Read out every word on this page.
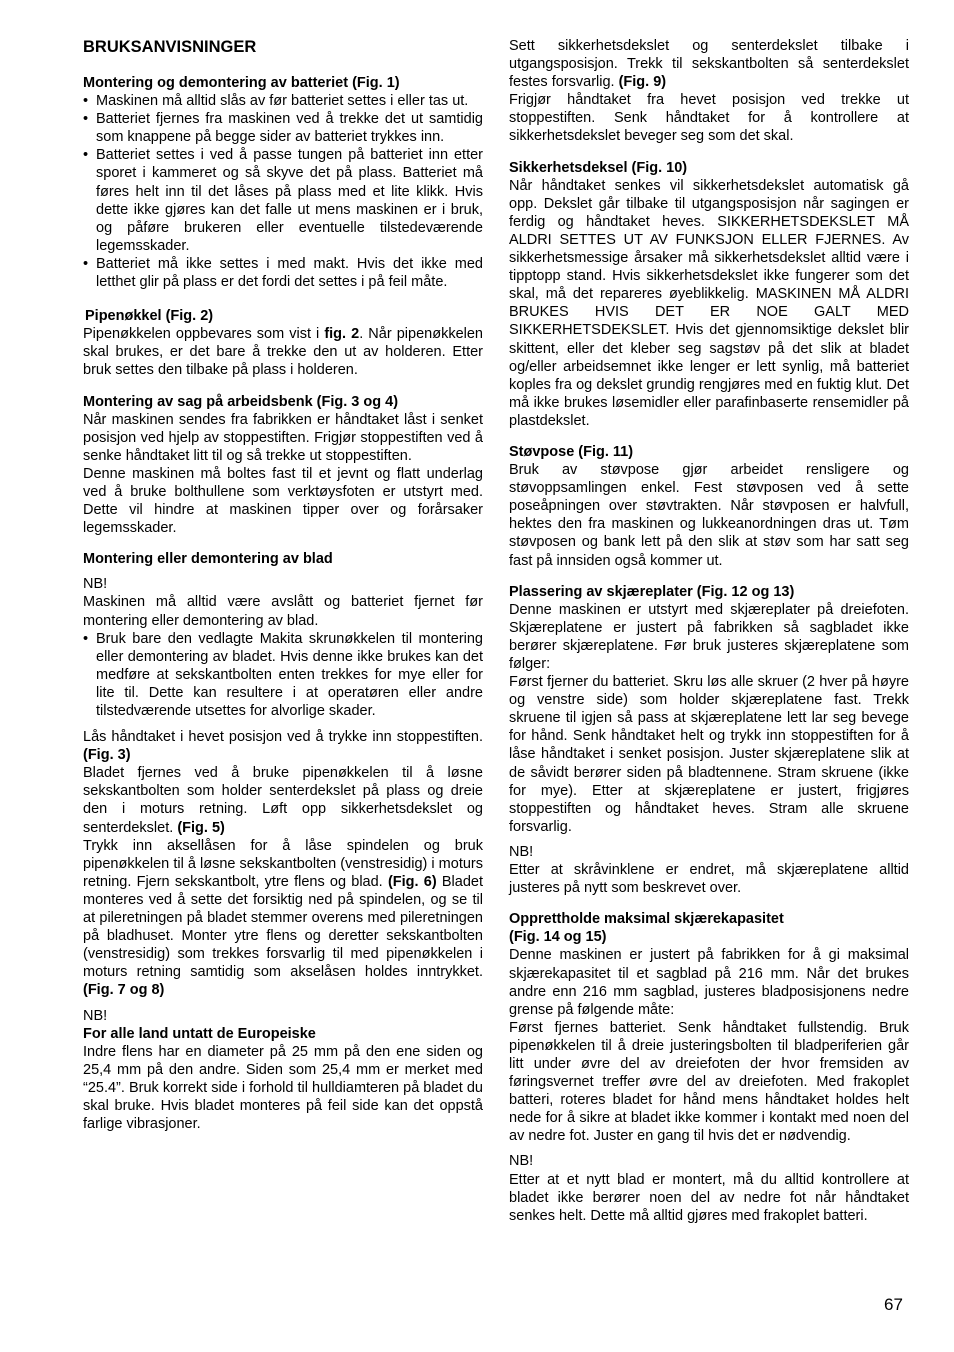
BRUKSANVISNINGER
Montering og demontering av batteriet (Fig. 1)
• Maskinen må alltid slås av før batteriet settes i eller tas ut.
• Batteriet fjernes fra maskinen ved å trekke det ut samtidig som knappene på begge sider av batteriet trykkes inn.
• Batteriet settes i ved å passe tungen på batteriet inn etter sporet i kammeret og så skyve det på plass. Batteriet må føres helt inn til det låses på plass med et lite klikk. Hvis dette ikke gjøres kan det falle ut mens maskinen er i bruk, og påføre brukeren eller eventuelle tilstedeværende legemsskader.
• Batteriet må ikke settes i med makt. Hvis det ikke med letthet glir på plass er det fordi det settes i på feil måte.
Pipenøkkel (Fig. 2)

Pipenøkkelen oppbevares som vist i fig. 2. Når pipenøkkelen skal brukes, er det bare å trekke den ut av holderen. Etter bruk settes den tilbake på plass i holderen.

Montering av sag på arbeidsbenk (Fig. 3 og 4)

Når maskinen sendes fra fabrikken er håndtaket låst i senket posisjon ved hjelp av stoppestiften. Frigjør stoppestiften ved å senke håndtaket litt til og så trekke ut stoppestiften.

Denne maskinen må boltes fast til et jevnt og flatt underlag ved å bruke bolthullene som verktøysfoten er utstyrt med. Dette vil hindre at maskinen tipper over og forårsaker legemsskader.

Montering eller demontering av blad

NB!

Maskinen må alltid være avslått og batteriet fjernet før montering eller demontering av blad.

• Bruk bare den vedlagte Makita skrunøkkelen til montering eller demontering av bladet. Hvis denne ikke brukes kan det medføre at sekskantbolten enten trekkes for mye eller for lite til. Dette kan resultere i at operatøren eller andre tilstedværende utsettes for alvorlige skader.

Lås håndtaket i hevet posisjon ved å trykke inn stoppestiften. (Fig. 3)

Bladet fjernes ved å bruke pipenøkkelen til å løsne sekskantbolten som holder senterdekslet på plass og dreie den i moturs retning. Løft opp sikkerhetsdekslet og senterdekslet. (Fig. 5)

Trykk inn aksellåsen for å låse spindelen og bruk pipenøkkelen til å løsne sekskantbolten (venstresidig) i moturs retning. Fjern sekskantbolt, ytre flens og blad. (Fig. 6) Bladet monteres ved å sette det forsiktig ned på spindelen, og se til at pileretningen på bladet stemmer overens med pileretningen på bladhuset. Monter ytre flens og deretter sekskantbolten (venstresidig) som trekkes forsvarlig til med pipenøkkelen i moturs retning samtidig som akselåsen holdes inntrykket. (Fig. 7 og 8)

NB!

For alle land untatt de Europeiske

Indre flens har en diameter på 25 mm på den ene siden og 25,4 mm på den andre. Siden som 25,4 mm er merket med “25.4”. Bruk korrekt side i forhold til hulldiamteren på bladet du skal bruke. Hvis bladet monteres på feil side kan det oppstå farlige vibrasjoner.

Sett sikkerhetsdekslet og senterdekslet tilbake i utgangsposisjon. Trekk til sekskantbolten så senterdekslet festes forsvarlig. (Fig. 9)

Frigjør håndtaket fra hevet posisjon ved trekke ut stoppestiften. Senk håndtaket for å kontrollere at sikkerhetsdekslet beveger seg som det skal.

Sikkerhetsdeksel (Fig. 10)

Når håndtaket senkes vil sikkerhetsdekslet automatisk gå opp. Dekslet går tilbake til utgangsposisjon når sagingen er ferdig og håndtaket heves. SIKKERHETSDEKSLET MÅ ALDRI SETTES UT AV FUNKSJON ELLER FJERNES. Av sikkerhetsmessige årsaker må sikkerhetsdekslet alltid være i tipptopp stand. Hvis sikkerhetsdekslet ikke fungerer som det skal, må det repareres øyeblikkelig. MASKINEN MÅ ALDRI BRUKES HVIS DET ER NOE GALT MED SIKKERHETSDEKSLET. Hvis det gjennomsiktige dekslet blir skittent, eller det kleber seg sagstøv på det slik at bladet og/eller arbeidsemnet ikke lenger er lett synlig, må batteriet koples fra og dekslet grundig rengjøres med en fuktig klut. Det må ikke brukes løsemidler eller parafinbaserte rensemidler på plastdekslet.

Støvpose (Fig. 11)

Bruk av støvpose gjør arbeidet rensligere og støvoppsamlingen enkel. Fest støvposen ved å sette poseåpningen over støvtrakten. Når støvposen er halvfull, hektes den fra maskinen og lukkeanordningen dras ut. Tøm støvposen og bank lett på den slik at støv som har satt seg fast på innsiden også kommer ut.

Plassering av skjæreplater (Fig. 12 og 13)

Denne maskinen er utstyrt med skjæreplater på dreiefoten. Skjæreplatene er justert på fabrikken så sagbladet ikke berører skjæreplatene. Før bruk justeres skjæreplatene som følger:

Først fjerner du batteriet. Skru løs alle skruer (2 hver på høyre og venstre side) som holder skjæreplatene fast. Trekk skruene til igjen så pass at skjæreplatene lett lar seg bevege for hånd. Senk håndtaket helt og trykk inn stoppestiften for å låse håndtaket i senket posisjon. Juster skjæreplatene slik at de såvidt berører siden på bladtennene. Stram skruene (ikke for mye). Etter at skjæreplatene er justert, frigjøres stoppestiften og håndtaket heves. Stram alle skruene forsvarlig.

NB!

Etter at skråvinklene er endret, må skjæreplatene alltid justeres på nytt som beskrevet over.

Opprettholde maksimal skjærekapasitet
(Fig. 14 og 15)

Denne maskinen er justert på fabrikken for å gi maksimal skjærekapasitet til et sagblad på 216 mm. Når det brukes andre enn 216 mm sagblad, justeres bladposisjonens nedre grense på følgende måte:

Først fjernes batteriet. Senk håndtaket fullstendig. Bruk pipenøkkelen til å dreie justeringsbolten til bladperiferien går litt under øvre del av dreiefoten der hvor fremsiden av føringsvernet treffer øvre del av dreiefoten. Med frakoplet batteri, roteres bladet for hånd mens håndtaket holdes helt nede for å sikre at bladet ikke kommer i kontakt med noen del av nedre fot. Juster en gang til hvis det er nødvendig.

NB!

Etter at et nytt blad er montert, må du alltid kontrollere at bladet ikke berører noen del av nedre fot når håndtaket senkes helt. Dette må alltid gjøres med frakoplet batteri.

67
